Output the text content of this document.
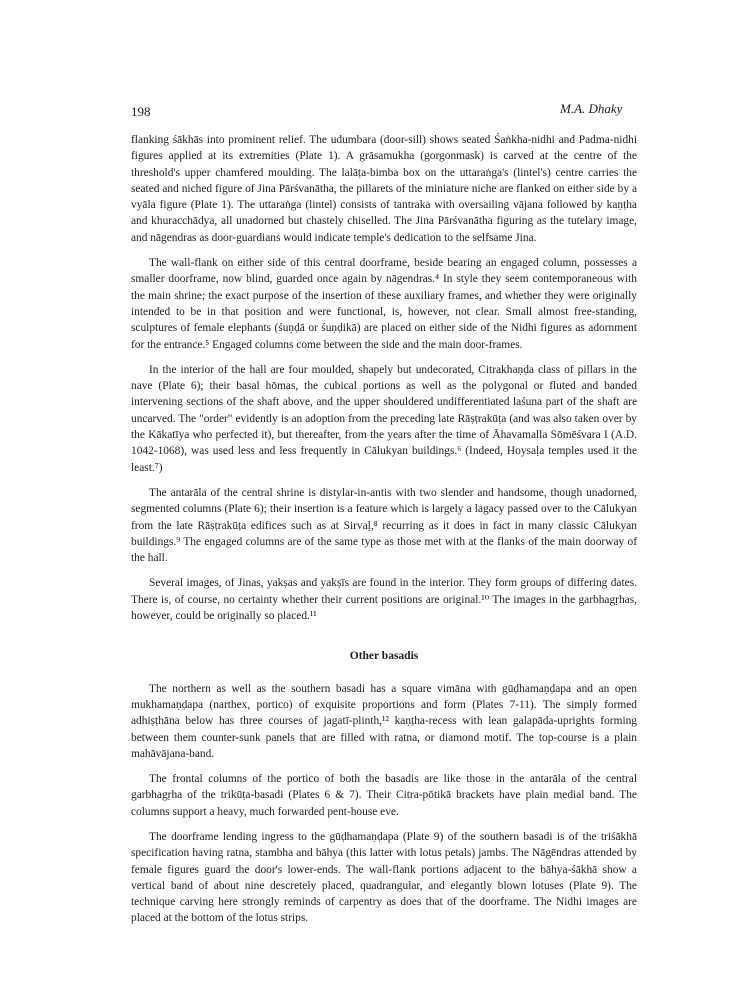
198	M.A. Dhaky

flanking śākhās into prominent relief. The udumbara (door-sill) shows seated Śaṅkha-nidhi and Padma-nidhi figures applied at its extremities (Plate 1). A grāsamukha (gorgonmask) is carved at the centre of the threshold's upper chamfered moulding. The lalāṭa-bimba box on the uttaraṅga's (lintel's) centre carries the seated and niched figure of Jina Pārśvanātha, the pillarets of the miniature niche are flanked on either side by a vyāla figure (Plate 1). The uttaraṅga (lintel) consists of tantraka with oversailing vājana followed by kaṇṭha and khuracchādya, all unadorned but chastely chiselled. The Jina Pārśvanātha figuring as the tutelary image, and nāgendras as door-guardians would indicate temple's dedication to the selfsame Jina.

The wall-flank on either side of this central doorframe, beside bearing an engaged column, possesses a smaller doorframe, now blind, guarded once again by nāgendras.⁴ In style they seem contemporaneous with the main shrine; the exact purpose of the insertion of these auxiliary frames, and whether they were originally intended to be in that position and were functional, is, however, not clear. Small almost free-standing, sculptures of female elephants (śuṇḍā or śuṇḍikā) are placed on either side of the Nidhi figures as adornment for the entrance.⁵ Engaged columns come between the side and the main door-frames.

In the interior of the hall are four moulded, shapely but undecorated, Citrakhaṇḍa class of pillars in the nave (Plate 6); their basal hōmas, the cubical portions as well as the polygonal or fluted and banded intervening sections of the shaft above, and the upper shouldered undifferentiated laśuna part of the shaft are uncarved. The "order" evidently is an adoption from the preceding late Rāṣṭrakūṭa (and was also taken over by the Kākatīya who perfected it), but thereafter, from the years after the time of Āhavamalla Sōmēśvara I (A.D. 1042-1068), was used less and less frequently in Cālukyan buildings.⁶ (Indeed, Hoysaḷa temples used it the least.⁷)

The antarāla of the central shrine is distylar-in-antis with two slender and handsome, though unadorned, segmented columns (Plate 6); their insertion is a feature which is largely a lagacy passed over to the Cālukyan from the late Rāṣṭrakūṭa edifices such as at Sirvaḷ,⁸ recurring as it does in fact in many classic Cālukyan buildings.⁹ The engaged columns are of the same type as those met with at the flanks of the main doorway of the hall.

Several images, of Jinas, yakṣas and yakṣīs are found in the interior. They form groups of differing dates. There is, of course, no certainty whether their current positions are original.¹⁰ The images in the garbhagṛhas, however, could be originally so placed.¹¹

Other basadis

The northern as well as the southern basadi has a square vimāna with gūḍhamaṇḍapa and an open mukhamaṇḍapa (narthex, portico) of exquisite proportions and form (Plates 7-11). The simply formed adhiṣṭhāna below has three courses of jagatī-plinth,¹² kaṇṭha-recess with lean galapāda-uprights forming between them counter-sunk panels that are filled with ratna, or diamond motif. The top-course is a plain mahāvājana-band.

The frontal columns of the portico of both the basadis are like those in the antarāla of the central garbhagṛha of the trikūṭa-basadi (Plates 6 & 7). Their Citra-pōtikā brackets have plain medial band. The columns support a heavy, much forwarded pent-house eve.

The doorframe lending ingress to the gūḍhamaṇḍapa (Plate 9) of the southern basadi is of the triśākhā specification having ratna, stambha and bāhya (this latter with lotus petals) jambs. The Nāgēndras attended by female figures guard the door's lower-ends. The wall-flank portions adjacent to the bāhya-śākhā show a vertical band of about nine descretely placed, quadrangular, and elegantly blown lotuses (Plate 9). The technique carving here strongly reminds of carpentry as does that of the doorframe. The Nidhi images are placed at the bottom of the lotus strips.
